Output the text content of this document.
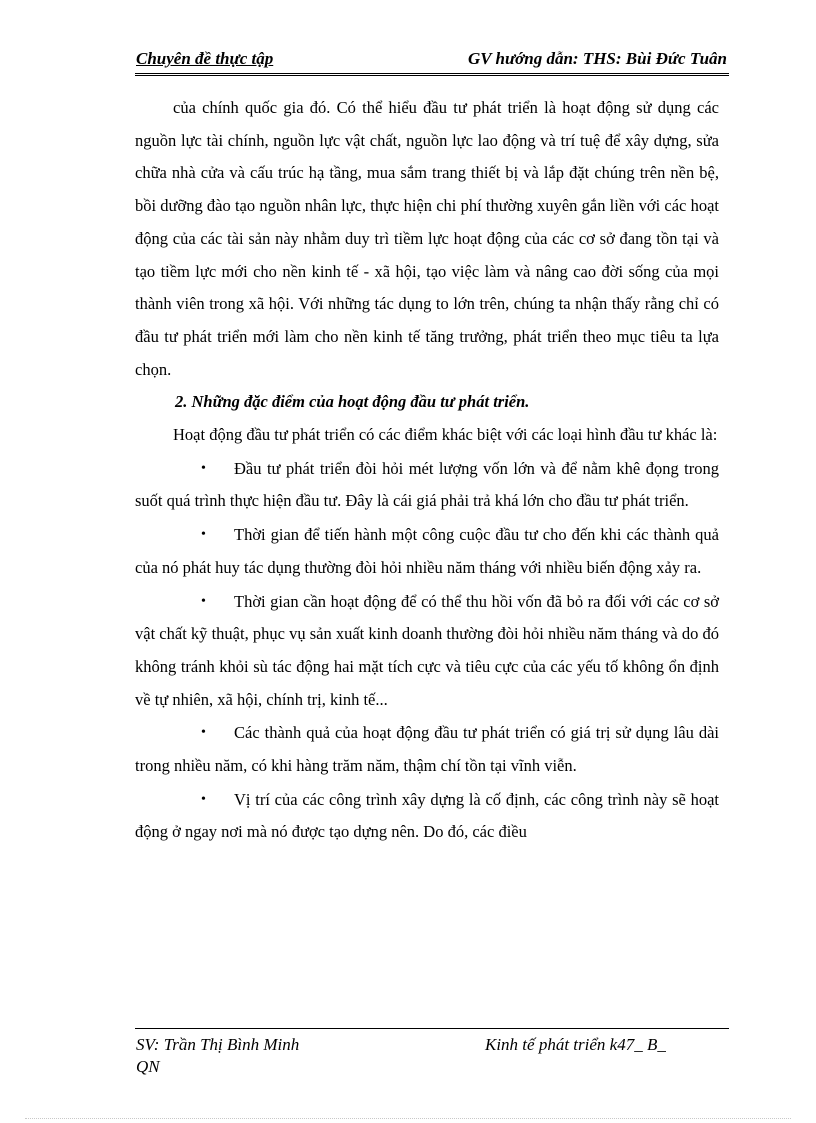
Chuyên đề thực tập	GV hướng dẫn: THS: Bùi Đức Tuân

của chính quốc gia đó. Có thể hiểu đầu tư phát triển là hoạt động sử dụng các nguồn lực tài chính, nguồn lực vật chất, nguồn lực lao động và trí tuệ để xây dựng, sửa chữa nhà cửa và cấu trúc hạ tầng, mua sắm trang thiết bị và lắp đặt chúng trên nền bệ, bồi dưỡng đào tạo nguồn nhân lực, thực hiện chi phí thường xuyên gắn liền với các hoạt động của các tài sản này nhằm duy trì tiềm lực hoạt động của các cơ sở đang tồn tại và tạo tiềm lực mới cho nền kinh tế - xã hội, tạo việc làm và nâng cao đời sống của mọi thành viên trong xã hội. Với những tác dụng to lớn trên, chúng ta nhận thấy rằng chỉ có đầu tư phát triển mới làm cho nền kinh tế tăng trưởng, phát triển theo mục tiêu ta lựa chọn.

2. Những đặc điểm của hoạt động đầu tư phát triển.

Hoạt động đầu tư phát triển có các điểm khác biệt với các loại hình đầu tư khác là:

•	Đầu tư phát triển đòi hỏi mét lượng vốn lớn và để nằm khê đọng trong suốt quá trình thực hiện đầu tư. Đây là cái giá phải trả khá lớn cho đầu tư phát triển.

•	Thời gian để tiến hành một công cuộc đầu tư cho đến khi các thành quả của nó phát huy tác dụng thường đòi hỏi nhiều năm tháng với nhiều biến động xảy ra.

•	Thời gian cần hoạt động để có thể thu hồi vốn đã bỏ ra đối với các cơ sở vật chất kỹ thuật, phục vụ sản xuất kinh doanh thường đòi hỏi nhiều năm tháng và do đó không tránh khỏi sù tác động hai mặt tích cực và tiêu cực của các yếu tố không ổn định về tự nhiên, xã hội, chính trị, kinh tế...

•	Các thành quả của hoạt động đầu tư phát triển có giá trị sử dụng lâu dài trong nhiều năm, có khi hàng trăm năm, thậm chí tồn tại vĩnh viễn.

•	Vị trí của các công trình xây dựng là cố định, các công trình này sẽ hoạt động ở ngay nơi mà nó được tạo dựng nên. Do đó, các điều

SV: Trần Thị Bình Minh	Kinh tế phát triển k47_ B_
QN
